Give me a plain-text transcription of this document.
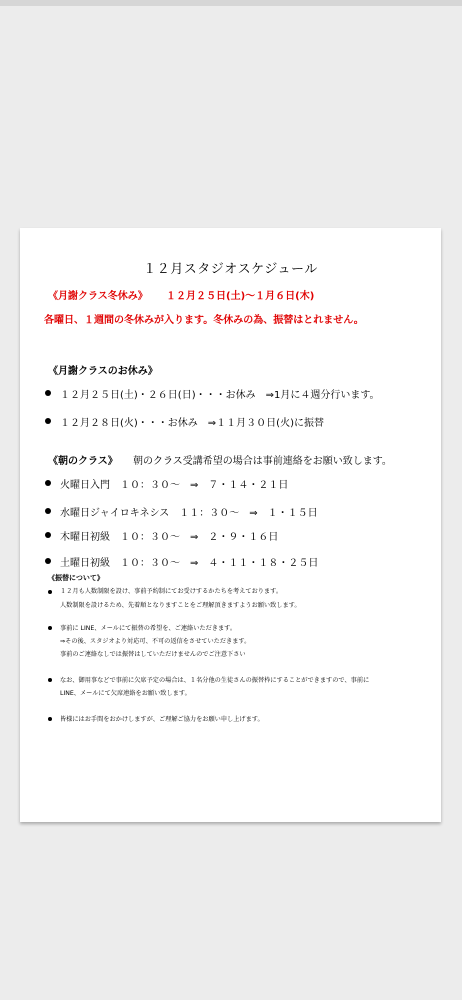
１２月スタジオスケジュール
《月謝クラス冬休み》 １２月２５日(土)～１月６日(木)
各曜日、１週間の冬休みが入ります。冬休みの為、振替はとれません。
《月謝クラスのお休み》
１２月２５日(土)・２６日(日)・・・お休み　⇒1月に４週分行います。
１２月２８日(火)・・・お休み　⇒１１月３０日(火)に振替
《朝のクラス》 朝のクラス受講希望の場合は事前連絡をお願い致します。
火曜日入門　１０：３０～　⇒　７・１４・２１日
水曜日ジャイロキネシス　１１：３０～　⇒　１・１５日
木曜日初級　１０：３０～　⇒　２・９・１６日
土曜日初級　１０：３０～　⇒　４・１１・１８・２５日
《振替について》
１２月も人数制限を設け、事前予約制にてお受けするかたちを考えております。
人数制限を設けるため、先着順となりますことをご理解頂きますようお願い致します。
事前に LINE、メールにて振替の希望を、ご連絡いただきます。
⇒その後、スタジオより対応可、不可の返信をさせていただきます。
事前のご連絡なしでは振替はしていただけませんのでご注意下さい
なお、御用事などで事前に欠席予定の場合は、１名分他の生徒さんの振替枠にすることができますので、事前に
LINE、メールにて欠席連絡をお願い致します。
皆様にはお手間をおかけしますが、ご理解ご協力をお願い申し上げます。
